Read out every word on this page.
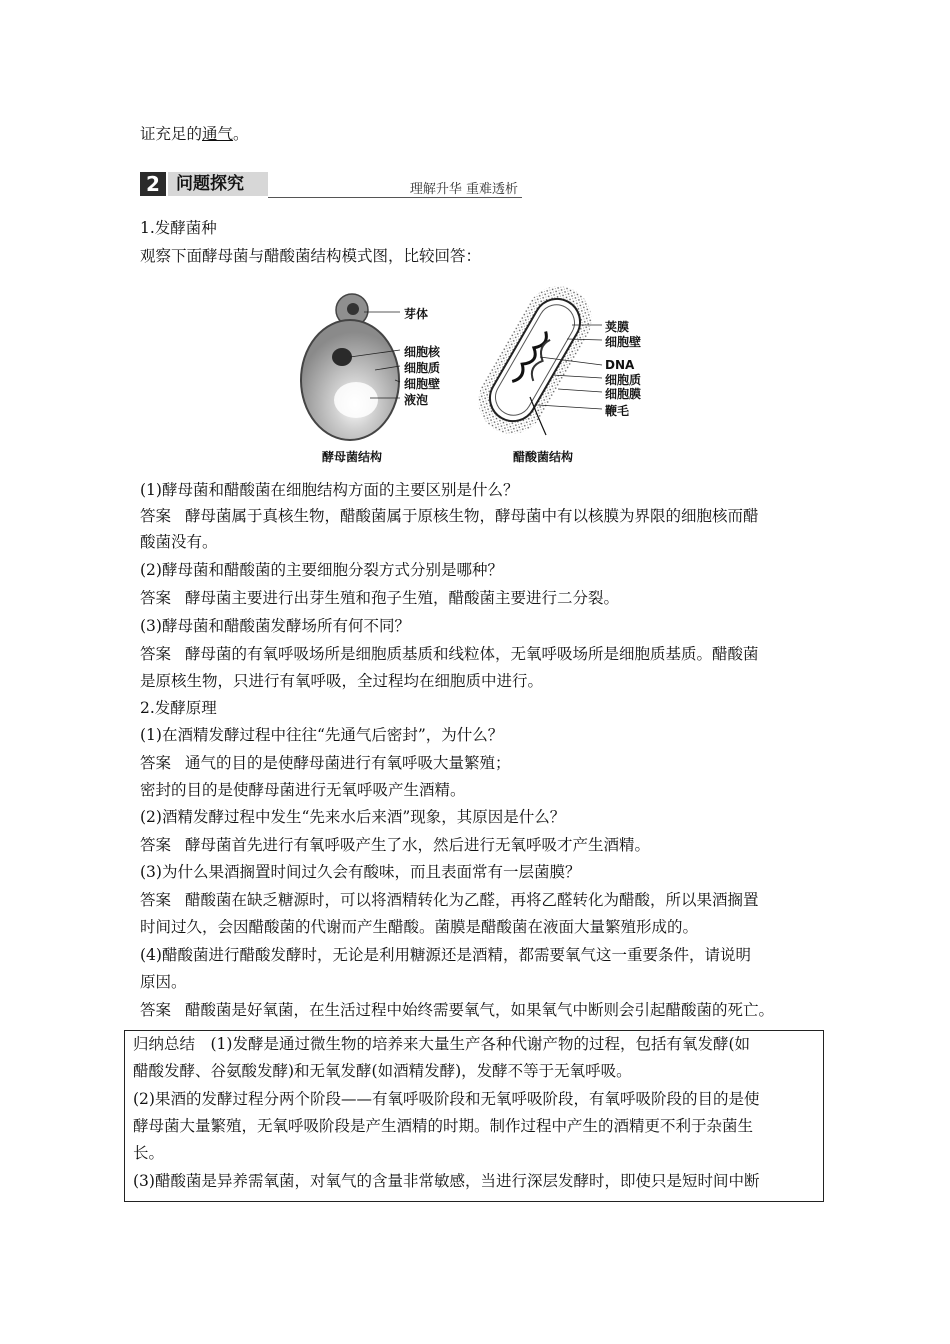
证充足的通气。
2 问题探究	理解升华 重难透析
1.发酵菌种
观察下面酵母菌与醋酸菌结构模式图，比较回答：
芽体
细胞核
细胞质
细胞壁
液泡
酵母菌结构
荚膜
细胞壁
DNA
细胞质
细胞膜
鞭毛
醋酸菌结构
(1)酵母菌和醋酸菌在细胞结构方面的主要区别是什么？
答案 酵母菌属于真核生物，醋酸菌属于原核生物，酵母菌中有以核膜为界限的细胞核而醋
酸菌没有。
(2)酵母菌和醋酸菌的主要细胞分裂方式分别是哪种？
答案 酵母菌主要进行出芽生殖和孢子生殖，醋酸菌主要进行二分裂。
(3)酵母菌和醋酸菌发酵场所有何不同？
答案 酵母菌的有氧呼吸场所是细胞质基质和线粒体，无氧呼吸场所是细胞质基质。醋酸菌
是原核生物，只进行有氧呼吸，全过程均在细胞质中进行。
2.发酵原理
(1)在酒精发酵过程中往往“先通气后密封”，为什么？
答案 通气的目的是使酵母菌进行有氧呼吸大量繁殖；
密封的目的是使酵母菌进行无氧呼吸产生酒精。
(2)酒精发酵过程中发生“先来水后来酒”现象，其原因是什么？
答案 酵母菌首先进行有氧呼吸产生了水，然后进行无氧呼吸才产生酒精。
(3)为什么果酒搁置时间过久会有酸味，而且表面常有一层菌膜？
答案 醋酸菌在缺乏糖源时，可以将酒精转化为乙醛，再将乙醛转化为醋酸，所以果酒搁置
时间过久，会因醋酸菌的代谢而产生醋酸。菌膜是醋酸菌在液面大量繁殖形成的。
(4)醋酸菌进行醋酸发酵时，无论是利用糖源还是酒精，都需要氧气这一重要条件，请说明
原因。
答案 醋酸菌是好氧菌，在生活过程中始终需要氧气，如果氧气中断则会引起醋酸菌的死亡。
归纳总结　(1)发酵是通过微生物的培养来大量生产各种代谢产物的过程，包括有氧发酵(如
醋酸发酵、谷氨酸发酵)和无氧发酵(如酒精发酵)，发酵不等于无氧呼吸。
(2)果酒的发酵过程分两个阶段——有氧呼吸阶段和无氧呼吸阶段，有氧呼吸阶段的目的是使
酵母菌大量繁殖，无氧呼吸阶段是产生酒精的时期。制作过程中产生的酒精更不利于杂菌生
长。
(3)醋酸菌是异养需氧菌，对氧气的含量非常敏感，当进行深层发酵时，即使只是短时间中断
